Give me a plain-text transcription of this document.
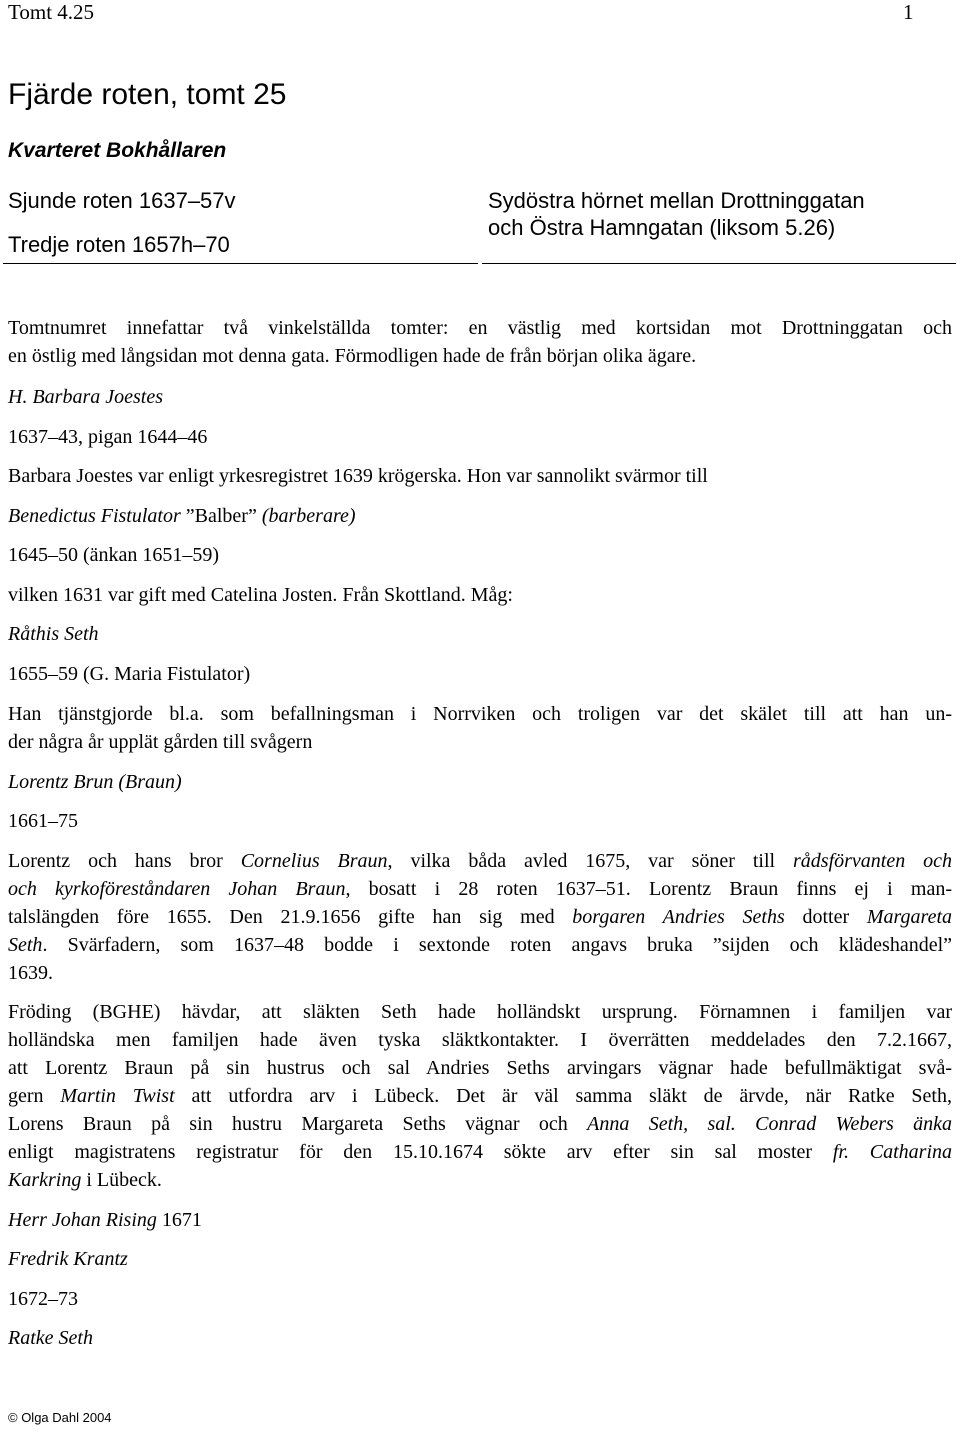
Tomt 4.25	1
Fjärde roten, tomt 25
Kvarteret Bokhållaren
Sjunde roten 1637–57v
Tredje roten 1657h–70
Sydöstra hörnet mellan Drottninggatan
och Östra Hamngatan (liksom 5.26)
Tomtnumret innefattar två vinkelställda tomter: en västlig med kortsidan mot Drottninggatan och
en östlig med långsidan mot denna gata. Förmodligen hade de från början olika ägare.
H. Barbara Joestes
1637–43, pigan 1644–46
Barbara Joestes var enligt yrkesregistret 1639 krögerska. Hon var sannolikt svärmor till
Benedictus Fistulator ”Balber” (barberare)
1645–50 (änkan 1651–59)
vilken 1631 var gift med Catelina Josten. Från Skottland. Måg:
Råthis Seth
1655–59 (G. Maria Fistulator)
Han tjänstgjorde bl.a. som befallningsman i Norrviken och troligen var det skälet till att han un-
der några år upplät gården till svågern
Lorentz Brun (Braun)
1661–75
Lorentz och hans bror Cornelius Braun, vilka båda avled 1675, var söner till rådsförvanten och
och kyrkoföreståndaren Johan Braun, bosatt i 28 roten 1637–51. Lorentz Braun finns ej i man-
talslängden före 1655. Den 21.9.1656 gifte han sig med borgaren Andries Seths dotter Margareta
Seth. Svärfadern, som 1637–48 bodde i sextonde roten angavs bruka ”sijden och klädeshandel”
1639.
Fröding (BGHE) hävdar, att släkten Seth hade holländskt ursprung. Förnamnen i familjen var
holländska men familjen hade även tyska släktkontakter. I överrätten meddelades den 7.2.1667,
att Lorentz Braun på sin hustrus och sal Andries Seths arvingars vägnar hade befullmäktigat svå-
gern Martin Twist att utfordra arv i Lübeck. Det är väl samma släkt de ärvde, när Ratke Seth,
Lorens Braun på sin hustru Margareta Seths vägnar och Anna Seth, sal. Conrad Webers änka
enligt magistratens registratur för den 15.10.1674 sökte arv efter sin sal moster fr. Catharina
Karkring i Lübeck.
Herr Johan Rising 1671
Fredrik Krantz
1672–73
Ratke Seth
© Olga Dahl 2004
